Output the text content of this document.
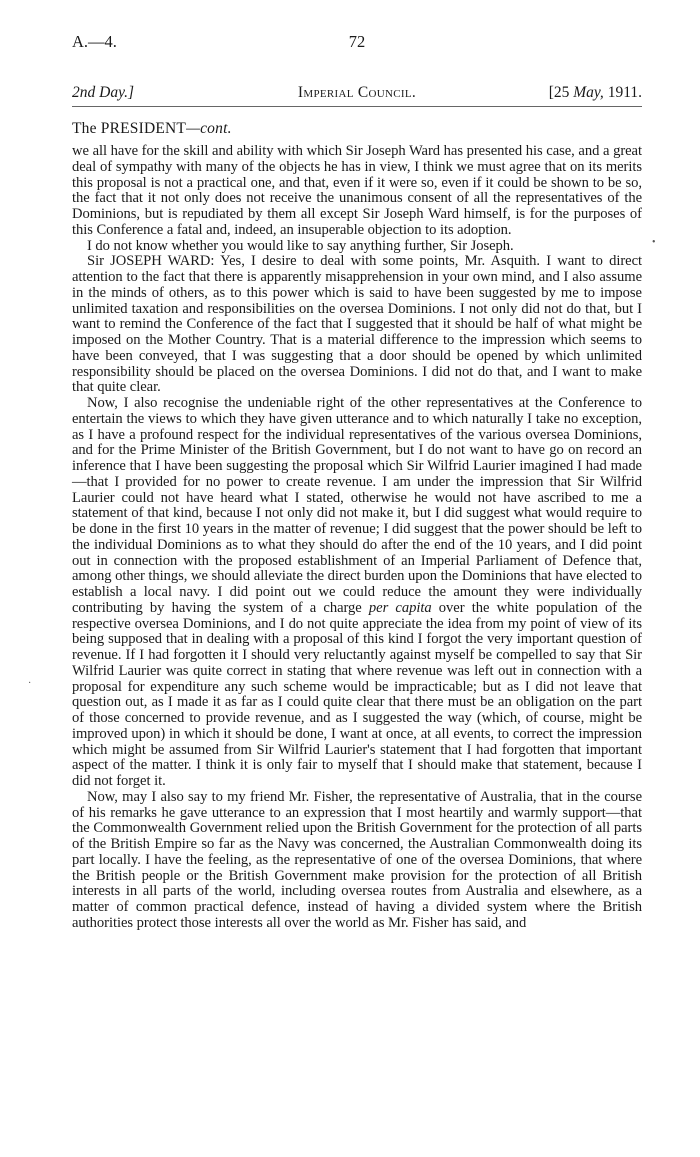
A.—4.	72
2nd Day.]	Imperial Council.	[25 May, 1911.
The PRESIDENT—cont.

we all have for the skill and ability with which Sir Joseph Ward has presented his case, and a great deal of sympathy with many of the objects he has in view, I think we must agree that on its merits this proposal is not a practical one, and that, even if it were so, even if it could be shown to be so, the fact that it not only does not receive the unanimous consent of all the representatives of the Dominions, but is repudiated by them all except Sir Joseph Ward himself, is for the purposes of this Conference a fatal and, indeed, an insuperable objection to its adoption.

I do not know whether you would like to say anything further, Sir Joseph.

Sir JOSEPH WARD: Yes, I desire to deal with some points, Mr. Asquith. I want to direct attention to the fact that there is apparently misapprehension in your own mind, and I also assume in the minds of others, as to this power which is said to have been suggested by me to impose unlimited taxation and responsibilities on the oversea Dominions. I not only did not do that, but I want to remind the Conference of the fact that I suggested that it should be half of what might be imposed on the Mother Country. That is a material difference to the impression which seems to have been conveyed, that I was suggesting that a door should be opened by which unlimited responsibility should be placed on the oversea Dominions. I did not do that, and I want to make that quite clear.

Now, I also recognise the undeniable right of the other representatives at the Conference to entertain the views to which they have given utterance and to which naturally I take no exception, as I have a profound respect for the individual representatives of the various oversea Dominions, and for the Prime Minister of the British Government, but I do not want to have go on record an inference that I have been suggesting the proposal which Sir Wilfrid Laurier imagined I had made—that I provided for no power to create revenue. I am under the impression that Sir Wilfrid Laurier could not have heard what I stated, otherwise he would not have ascribed to me a statement of that kind, because I not only did not make it, but I did suggest what would require to be done in the first 10 years in the matter of revenue; I did suggest that the power should be left to the individual Dominions as to what they should do after the end of the 10 years, and I did point out in connection with the proposed establishment of an Imperial Parliament of Defence that, among other things, we should alleviate the direct burden upon the Dominions that have elected to establish a local navy. I did point out we could reduce the amount they were individually contributing by having the system of a charge per capita over the white population of the respective oversea Dominions, and I do not quite appreciate the idea from my point of view of its being supposed that in dealing with a proposal of this kind I forgot the very important question of revenue. If I had forgotten it I should very reluctantly against myself be compelled to say that Sir Wilfrid Laurier was quite correct in stating that where revenue was left out in connection with a proposal for expenditure any such scheme would be impracticable; but as I did not leave that question out, as I made it as far as I could quite clear that there must be an obligation on the part of those concerned to provide revenue, and as I suggested the way (which, of course, might be improved upon) in which it should be done, I want at once, at all events, to correct the impression which might be assumed from Sir Wilfrid Laurier's statement that I had forgotten that important aspect of the matter. I think it is only fair to myself that I should make that statement, because I did not forget it.

Now, may I also say to my friend Mr. Fisher, the representative of Australia, that in the course of his remarks he gave utterance to an expression that I most heartily and warmly support—that the Commonwealth Government relied upon the British Government for the protection of all parts of the British Empire so far as the Navy was concerned, the Australian Commonwealth doing its part locally. I have the feeling, as the representative of one of the oversea Dominions, that where the British people or the British Government make provision for the protection of all British interests in all parts of the world, including oversea routes from Australia and elsewhere, as a matter of common practical defence, instead of having a divided system where the British authorities protect those interests all over the world as Mr. Fisher has said, and

•
·
